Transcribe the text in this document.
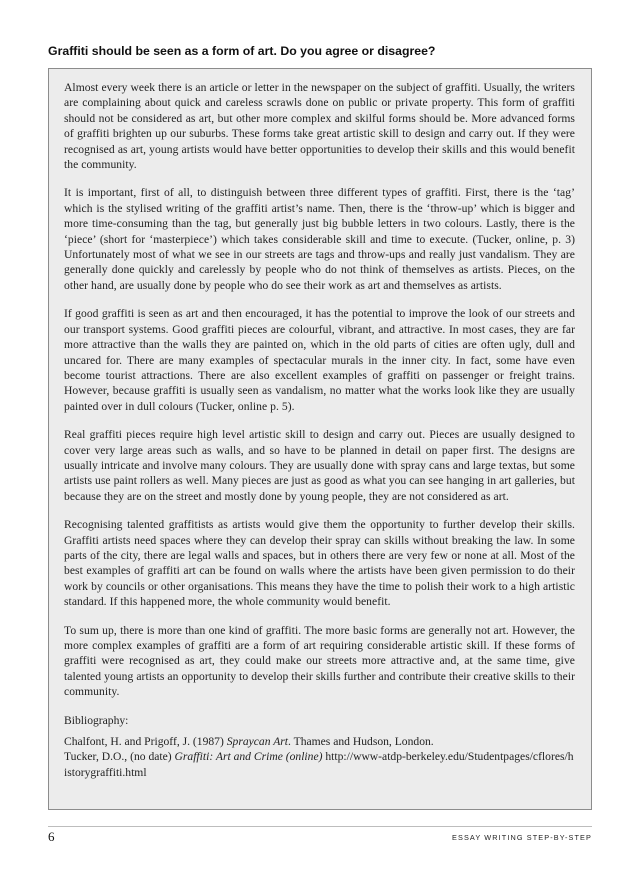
Graffiti should be seen as a form of art. Do you agree or disagree?

Almost every week there is an article or letter in the newspaper on the subject of graffiti. Usually, the writers are complaining about quick and careless scrawls done on public or private property. This form of graffiti should not be considered as art, but other more complex and skilful forms should be. More advanced forms of graffiti brighten up our suburbs. These forms take great artistic skill to design and carry out. If they were recognised as art, young artists would have better opportunities to develop their skills and this would benefit the community.

It is important, first of all, to distinguish between three different types of graffiti. First, there is the ‘tag’ which is the stylised writing of the graffiti artist’s name. Then, there is the ‘throw-up’ which is bigger and more time-consuming than the tag, but generally just big bubble letters in two colours. Lastly, there is the ‘piece’ (short for ‘masterpiece’) which takes considerable skill and time to execute. (Tucker, online, p. 3) Unfortunately most of what we see in our streets are tags and throw-ups and really just vandalism. They are generally done quickly and carelessly by people who do not think of themselves as artists. Pieces, on the other hand, are usually done by people who do see their work as art and themselves as artists.

If good graffiti is seen as art and then encouraged, it has the potential to improve the look of our streets and our transport systems. Good graffiti pieces are colourful, vibrant, and attractive. In most cases, they are far more attractive than the walls they are painted on, which in the old parts of cities are often ugly, dull and uncared for. There are many examples of spectacular murals in the inner city. In fact, some have even become tourist attractions. There are also excellent examples of graffiti on passenger or freight trains. However, because graffiti is usually seen as vandalism, no matter what the works look like they are usually painted over in dull colours (Tucker, online p. 5).

Real graffiti pieces require high level artistic skill to design and carry out. Pieces are usually designed to cover very large areas such as walls, and so have to be planned in detail on paper first. The designs are usually intricate and involve many colours. They are usually done with spray cans and large textas, but some artists use paint rollers as well. Many pieces are just as good as what you can see hanging in art galleries, but because they are on the street and mostly done by young people, they are not considered as art.

Recognising talented graffitists as artists would give them the opportunity to further develop their skills. Graffiti artists need spaces where they can develop their spray can skills without breaking the law. In some parts of the city, there are legal walls and spaces, but in others there are very few or none at all. Most of the best examples of graffiti art can be found on walls where the artists have been given permission to do their work by councils or other organisations. This means they have the time to polish their work to a high artistic standard. If this happened more, the whole community would benefit.

To sum up, there is more than one kind of graffiti. The more basic forms are generally not art. However, the more complex examples of graffiti are a form of art requiring considerable artistic skill. If these forms of graffiti were recognised as art, they could make our streets more attractive and, at the same time, give talented young artists an opportunity to develop their skills further and contribute their creative skills to their community.

Bibliography:
Chalfont, H. and Prigoff, J. (1987) Spraycan Art. Thames and Hudson, London.
Tucker, D.O., (no date) Graffiti: Art and Crime (online) http://www-atdp-berkeley.edu/Studentpages/cflores/historygraffiti.html
6	ESSAY WRITING STEP-BY-STEP
